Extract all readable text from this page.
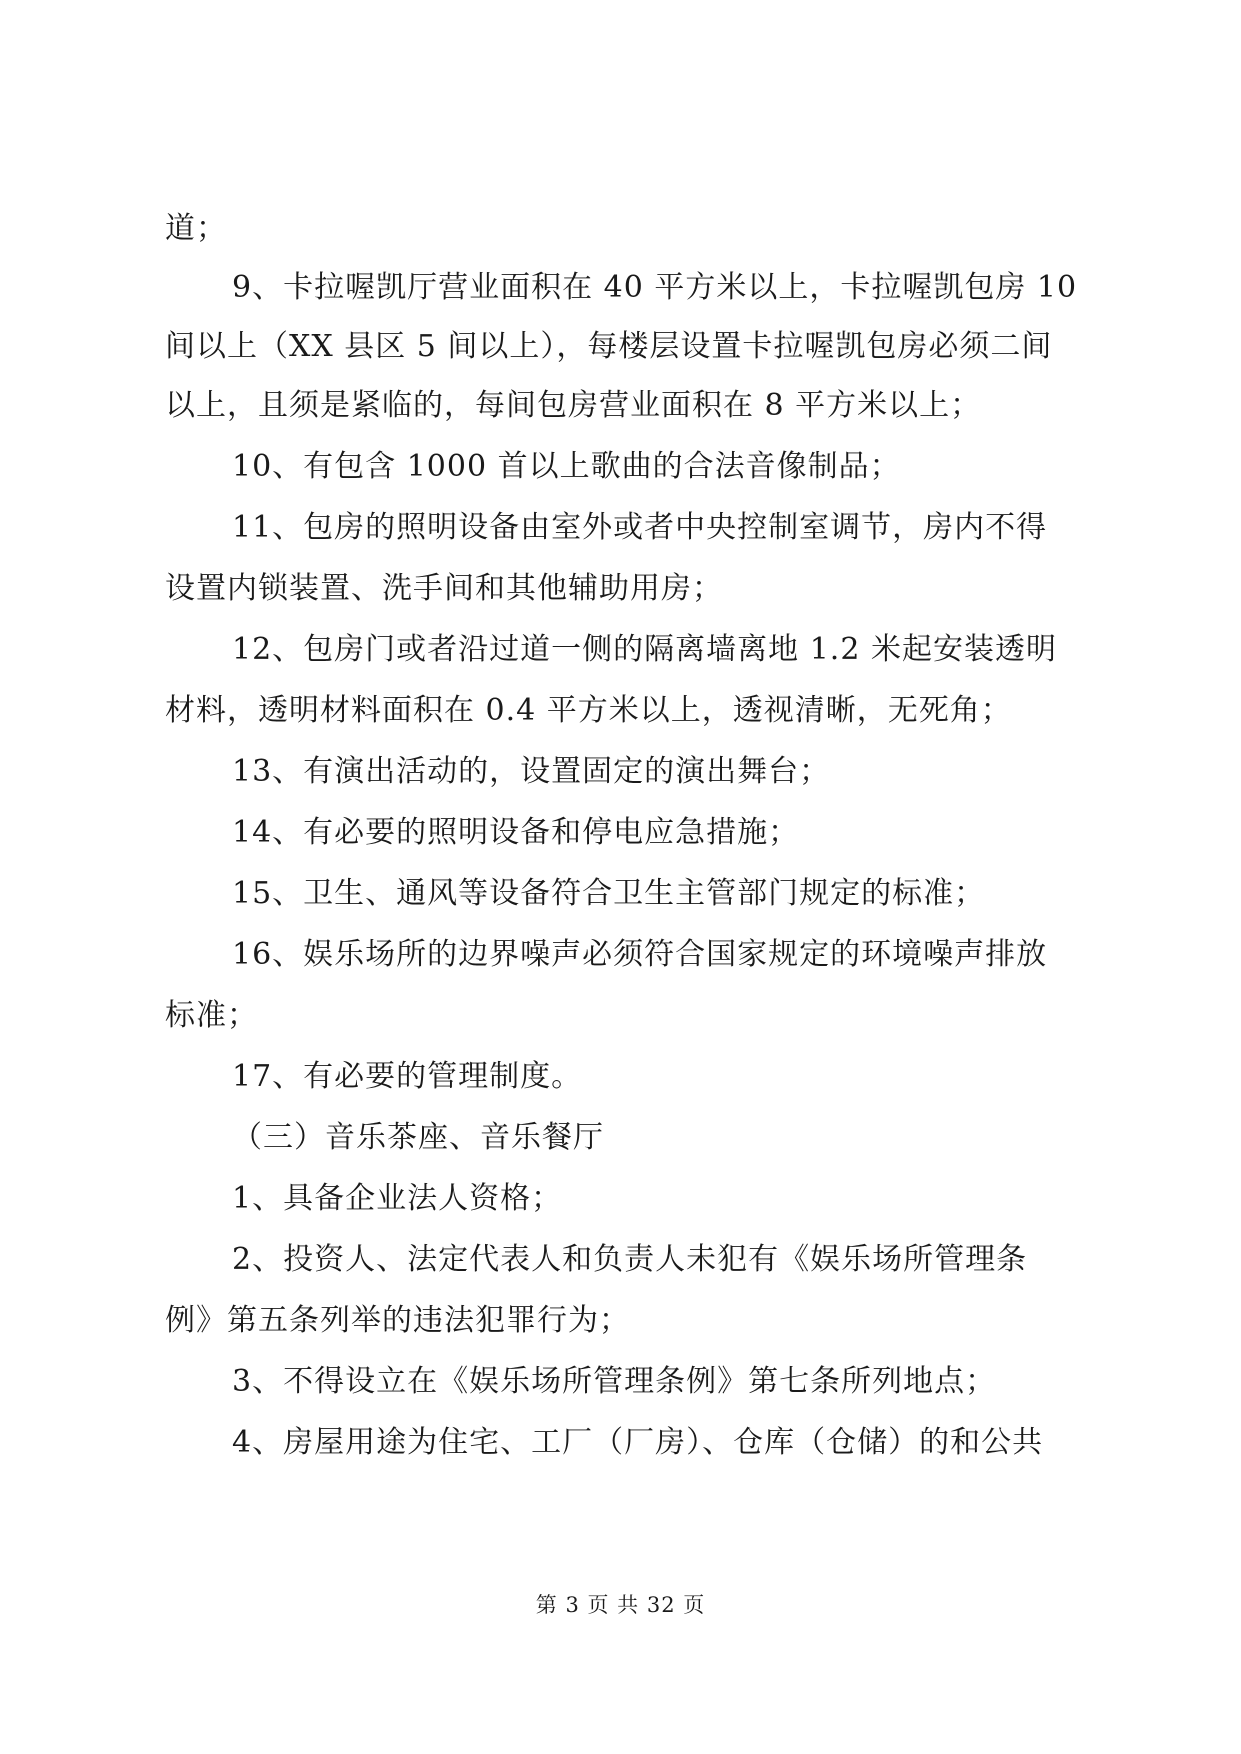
道；
9、卡拉喔凯厅营业面积在 40 平方米以上，卡拉喔凯包房 10
间以上（XX 县区 5 间以上），每楼层设置卡拉喔凯包房必须二间
以上，且须是紧临的，每间包房营业面积在 8 平方米以上；
10、有包含 1000 首以上歌曲的合法音像制品；
11、包房的照明设备由室外或者中央控制室调节，房内不得
设置内锁装置、洗手间和其他辅助用房；
12、包房门或者沿过道一侧的隔离墙离地 1.2 米起安装透明
材料，透明材料面积在 0.4 平方米以上，透视清晰，无死角；
13、有演出活动的，设置固定的演出舞台；
14、有必要的照明设备和停电应急措施；
15、卫生、通风等设备符合卫生主管部门规定的标准；
16、娱乐场所的边界噪声必须符合国家规定的环境噪声排放
标准；
17、有必要的管理制度。
（三）音乐茶座、音乐餐厅
1、具备企业法人资格；
2、投资人、法定代表人和负责人未犯有《娱乐场所管理条
例》第五条列举的违法犯罪行为；
3、不得设立在《娱乐场所管理条例》第七条所列地点；
4、房屋用途为住宅、工厂（厂房）、仓库（仓储）的和公共
第 3 页 共 32 页
